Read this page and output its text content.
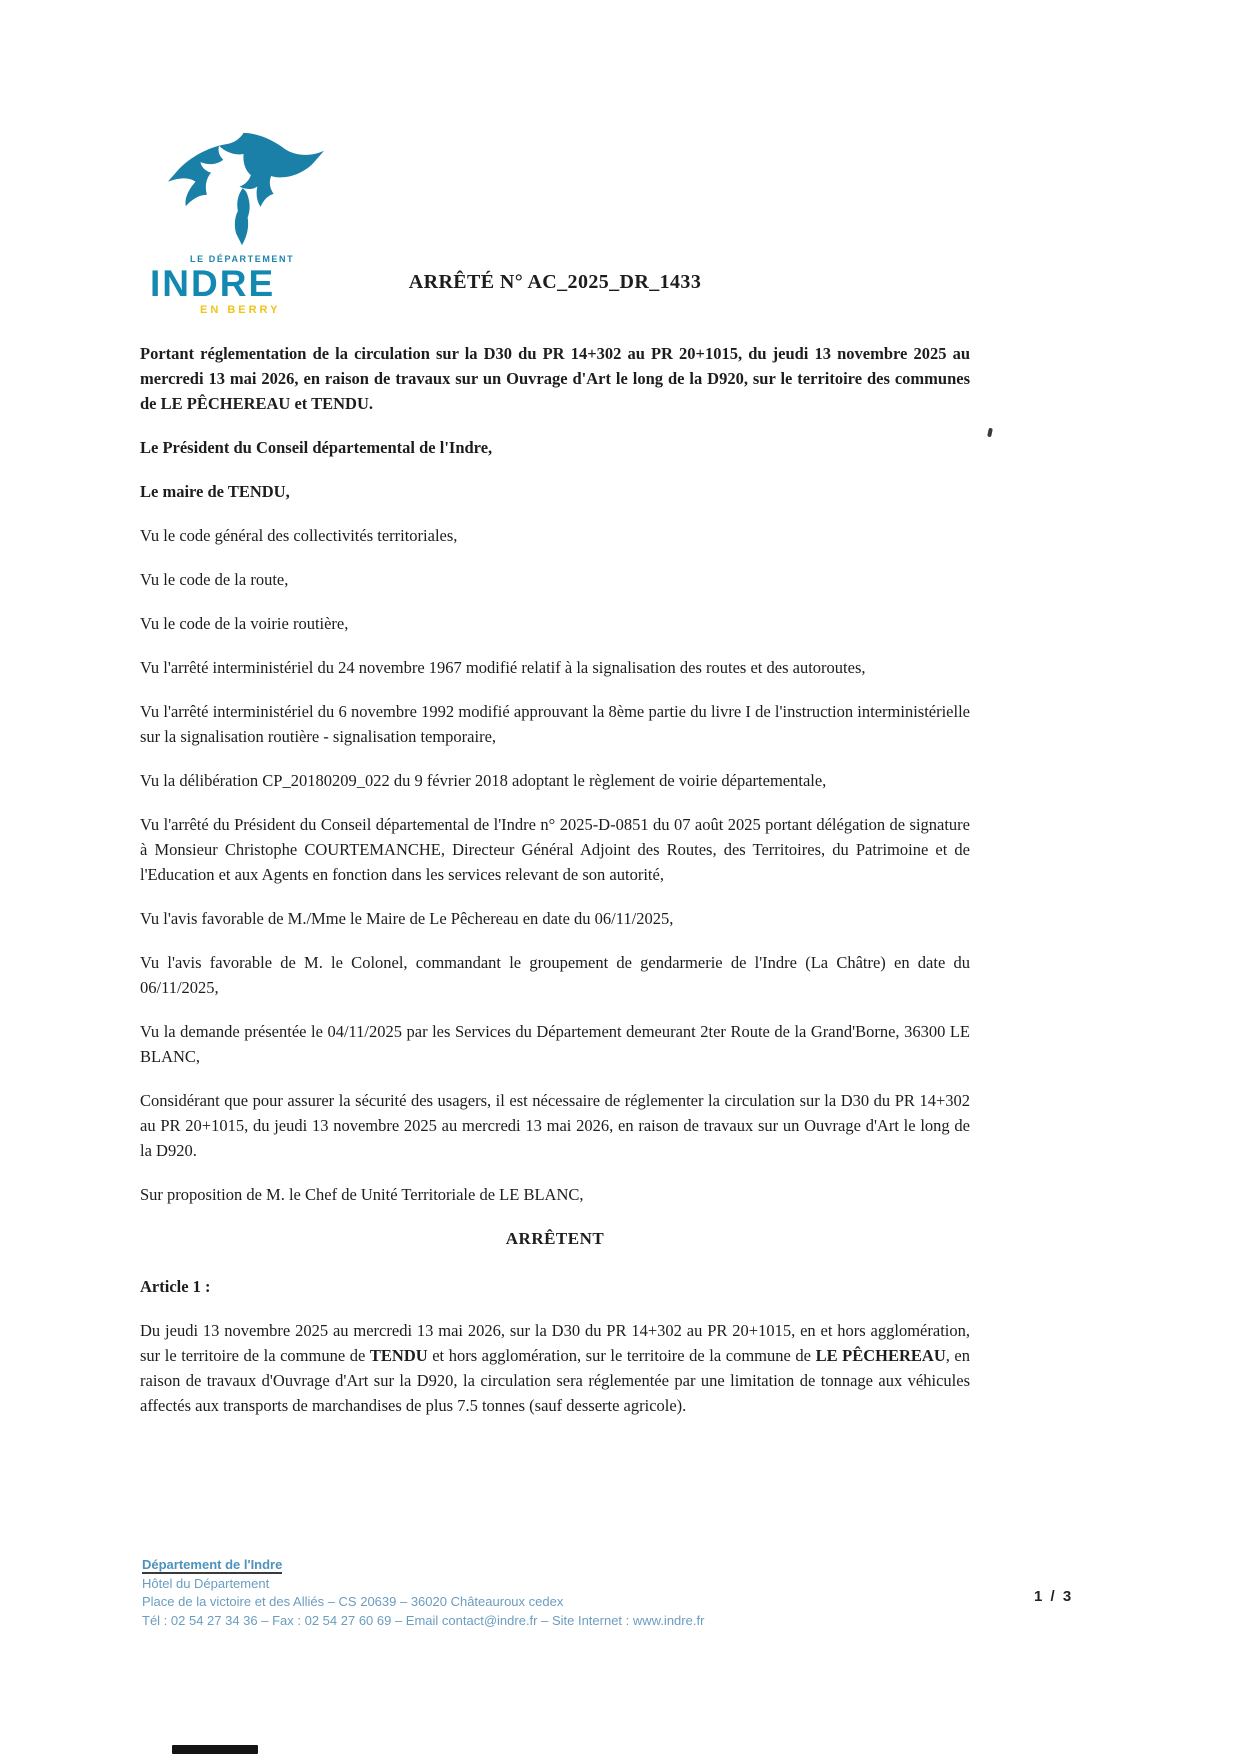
LE DÉPARTEMENT
INDRE
EN BERRY
ARRÊTÉ N° AC_2025_DR_1433

Portant réglementation de la circulation sur la D30 du PR 14+302 au PR 20+1015, du jeudi 13 novembre 2025 au mercredi 13 mai 2026, en raison de travaux sur un Ouvrage d'Art le long de la D920, sur le territoire des communes de LE PÊCHEREAU et TENDU.

Le Président du Conseil départemental de l'Indre,

Le maire de TENDU,

Vu le code général des collectivités territoriales,

Vu le code de la route,

Vu le code de la voirie routière,

Vu l'arrêté interministériel du 24 novembre 1967 modifié relatif à la signalisation des routes et des autoroutes,

Vu l'arrêté interministériel du 6 novembre 1992 modifié approuvant la 8ème partie du livre I de l'instruction interministérielle sur la signalisation routière - signalisation temporaire,

Vu la délibération CP_20180209_022 du 9 février 2018 adoptant le règlement de voirie départementale,

Vu l'arrêté du Président du Conseil départemental de l'Indre n° 2025-D-0851 du 07 août 2025 portant délégation de signature à Monsieur Christophe COURTEMANCHE, Directeur Général Adjoint des Routes, des Territoires, du Patrimoine et de l'Education et aux Agents en fonction dans les services relevant de son autorité,

Vu l'avis favorable de M./Mme le Maire de Le Pêchereau en date du 06/11/2025,

Vu l'avis favorable de M. le Colonel, commandant le groupement de gendarmerie de l'Indre (La Châtre) en date du 06/11/2025,

Vu la demande présentée le 04/11/2025 par les Services du Département demeurant 2ter Route de la Grand'Borne, 36300 LE BLANC,

Considérant que pour assurer la sécurité des usagers, il est nécessaire de réglementer la circulation sur la D30 du PR 14+302 au PR 20+1015, du jeudi 13 novembre 2025 au mercredi 13 mai 2026, en raison de travaux sur un Ouvrage d'Art le long de la D920.

Sur proposition de M. le Chef de Unité Territoriale de LE BLANC,

ARRÊTENT

Article 1 :

Du jeudi 13 novembre 2025 au mercredi 13 mai 2026, sur la D30 du PR 14+302 au PR 20+1015, en et hors agglomération, sur le territoire de la commune de TENDU et hors agglomération, sur le territoire de la commune de LE PÊCHEREAU, en raison de travaux d'Ouvrage d'Art sur la D920, la circulation sera réglementée par une limitation de tonnage aux véhicules affectés aux transports de marchandises de plus 7.5 tonnes (sauf desserte agricole).

Département de l'Indre
Hôtel du Département
Place de la victoire et des Alliés – CS 20639 – 36020 Châteauroux cedex
Tél : 02 54 27 34 36 – Fax : 02 54 27 60 69 – Email contact@indre.fr – Site Internet : www.indre.fr
1 / 3
